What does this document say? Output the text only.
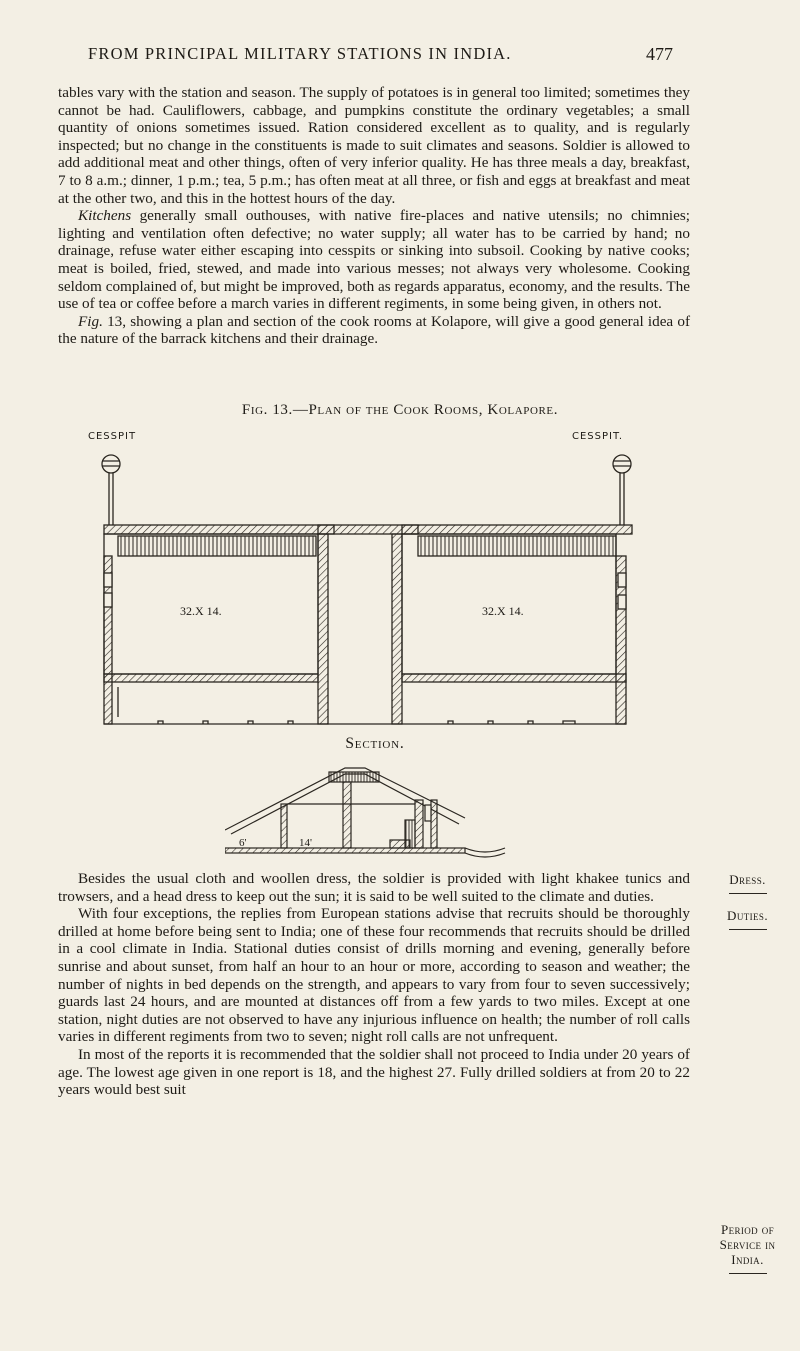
FROM PRINCIPAL MILITARY STATIONS IN INDIA.	477

tables vary with the station and season. The supply of potatoes is in general too limited; sometimes they cannot be had. Cauliflowers, cabbage, and pumpkins constitute the ordinary vegetables; a small quantity of onions sometimes issued. Ration considered excellent as to quality, and is regularly inspected; but no change in the constituents is made to suit climates and seasons. Soldier is allowed to add additional meat and other things, often of very inferior quality. He has three meals a day, breakfast, 7 to 8 a.m.; dinner, 1 p.m.; tea, 5 p.m.; has often meat at all three, or fish and eggs at breakfast and meat at the other two, and this in the hottest hours of the day.

Kitchens generally small outhouses, with native fire-places and native utensils; no chimnies; lighting and ventilation often defective; no water supply; all water has to be carried by hand; no drainage, refuse water either escaping into cesspits or sinking into subsoil. Cooking by native cooks; meat is boiled, fried, stewed, and made into various messes; not always very wholesome. Cooking seldom complained of, but might be improved, both as regards apparatus, economy, and the results. The use of tea or coffee before a march varies in different regiments, in some being given, in others not.

Fig. 13, showing a plan and section of the cook rooms at Kolapore, will give a good general idea of the nature of the barrack kitchens and their drainage.

Fig. 13.—Plan of the Cook Rooms, Kolapore.
CESSPIT	CESSPIT.
32.X 14.	32.X 14.
Section.
6'	14'

Besides the usual cloth and woollen dress, the soldier is provided with light khakee tunics and trowsers, and a head dress to keep out the sun; it is said to be well suited to the climate and duties.

With four exceptions, the replies from European stations advise that recruits should be thoroughly drilled at home before being sent to India; one of these four recommends that recruits should be drilled in a cool climate in India. Stational duties consist of drills morning and evening, generally before sunrise and about sunset, from half an hour to an hour or more, according to season and weather; the number of nights in bed depends on the strength, and appears to vary from four to seven successively; guards last 24 hours, and are mounted at distances off from a few yards to two miles. Except at one station, night duties are not observed to have any injurious influence on health; the number of roll calls varies in different regiments from two to seven; night roll calls are not unfrequent.

In most of the reports it is recommended that the soldier shall not proceed to India under 20 years of age. The lowest age given in one report is 18, and the highest 27. Fully drilled soldiers at from 20 to 22 years would best suit

Dress.
Duties.
Period of
Service in
India.
